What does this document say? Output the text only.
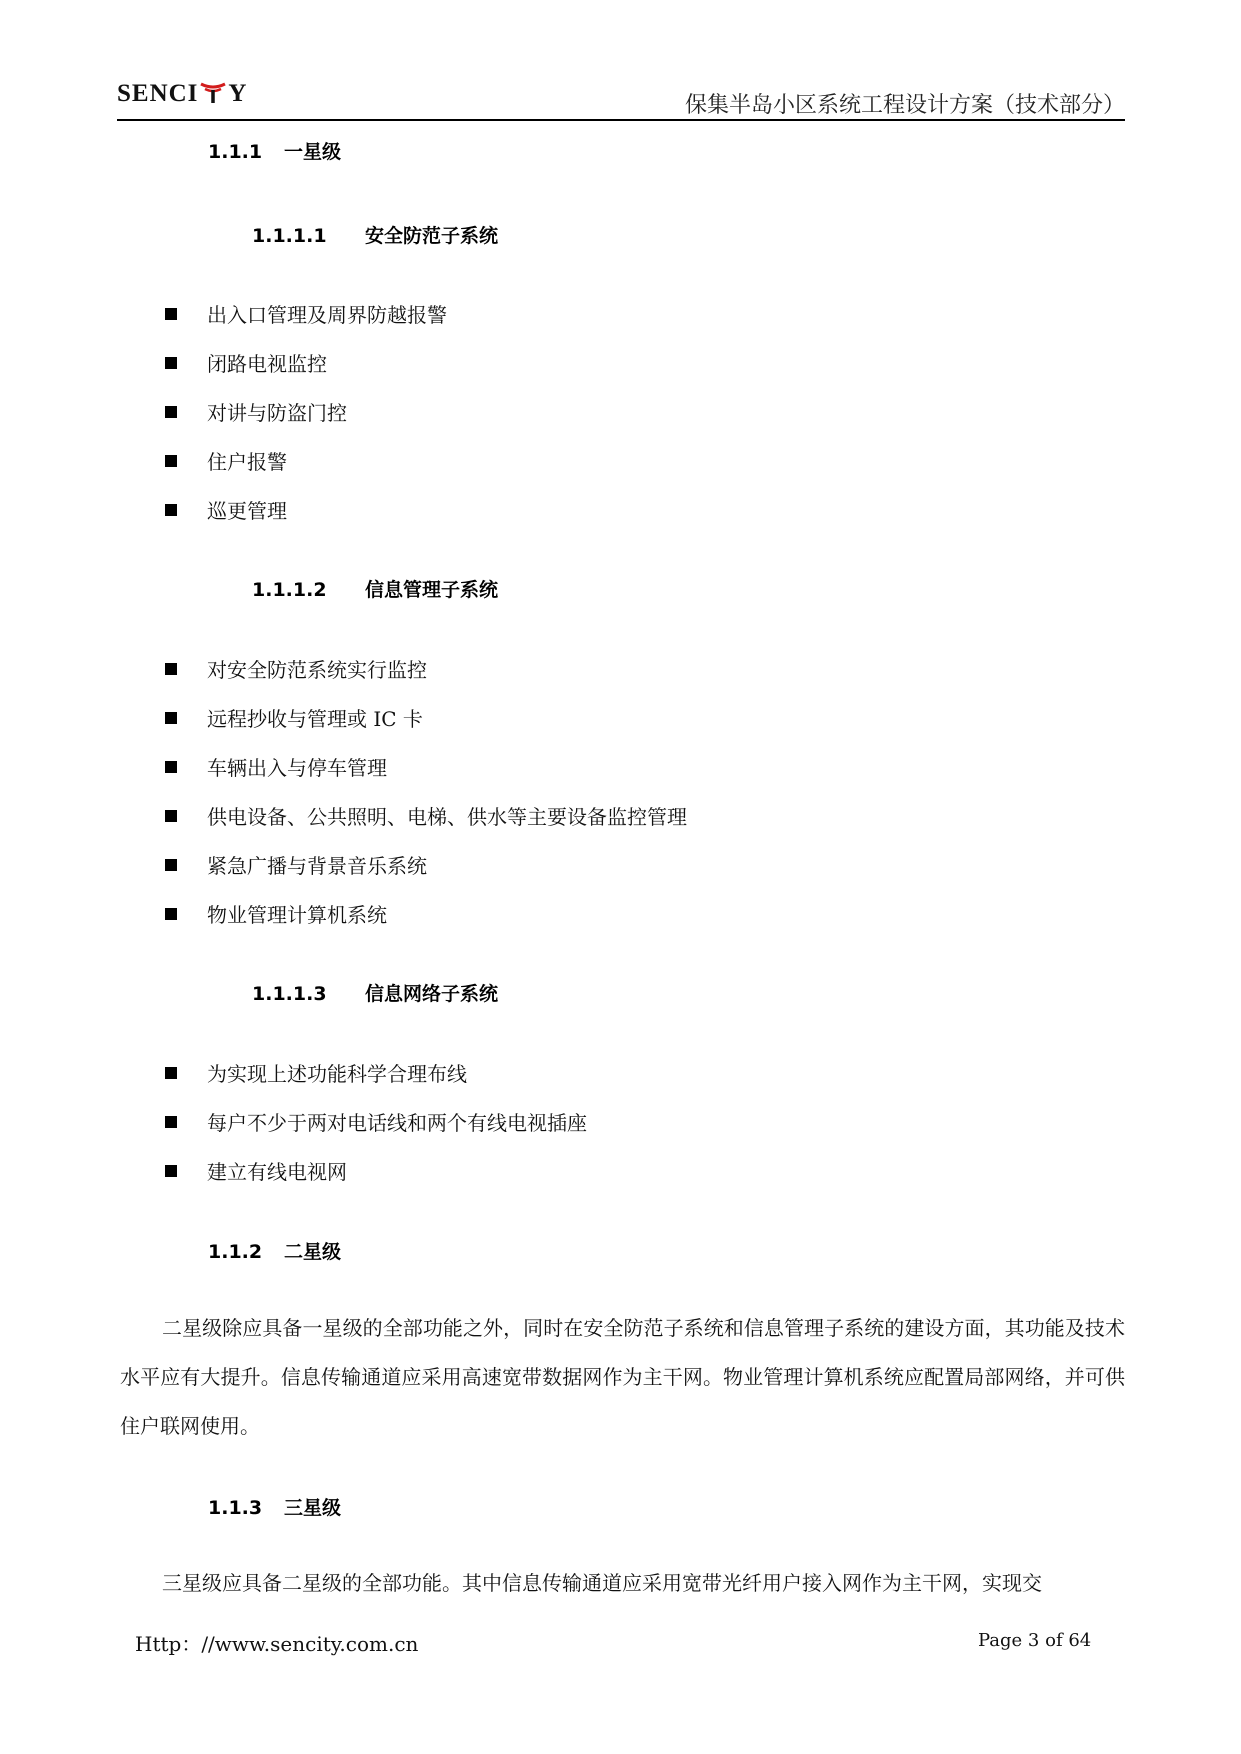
SENCI Y	保集半岛小区系统工程设计方案（技术部分）
1.1.1 一星级
1.1.1.1 安全防范子系统
出入口管理及周界防越报警
闭路电视监控
对讲与防盗门控
住户报警
巡更管理
1.1.1.2 信息管理子系统
对安全防范系统实行监控
远程抄收与管理或 IC 卡
车辆出入与停车管理
供电设备、公共照明、电梯、供水等主要设备监控管理
紧急广播与背景音乐系统
物业管理计算机系统
1.1.1.3 信息网络子系统
为实现上述功能科学合理布线
每户不少于两对电话线和两个有线电视插座
建立有线电视网
1.1.2 二星级
二星级除应具备一星级的全部功能之外，同时在安全防范子系统和信息管理子系统的建设方面，其功能及技术水平应有大提升。信息传输通道应采用高速宽带数据网作为主干网。物业管理计算机系统应配置局部网络，并可供住户联网使用。
1.1.3 三星级
三星级应具备二星级的全部功能。其中信息传输通道应采用宽带光纤用户接入网作为主干网，实现交
Http：//www.sencity.com.cn	Page 3 of 64
